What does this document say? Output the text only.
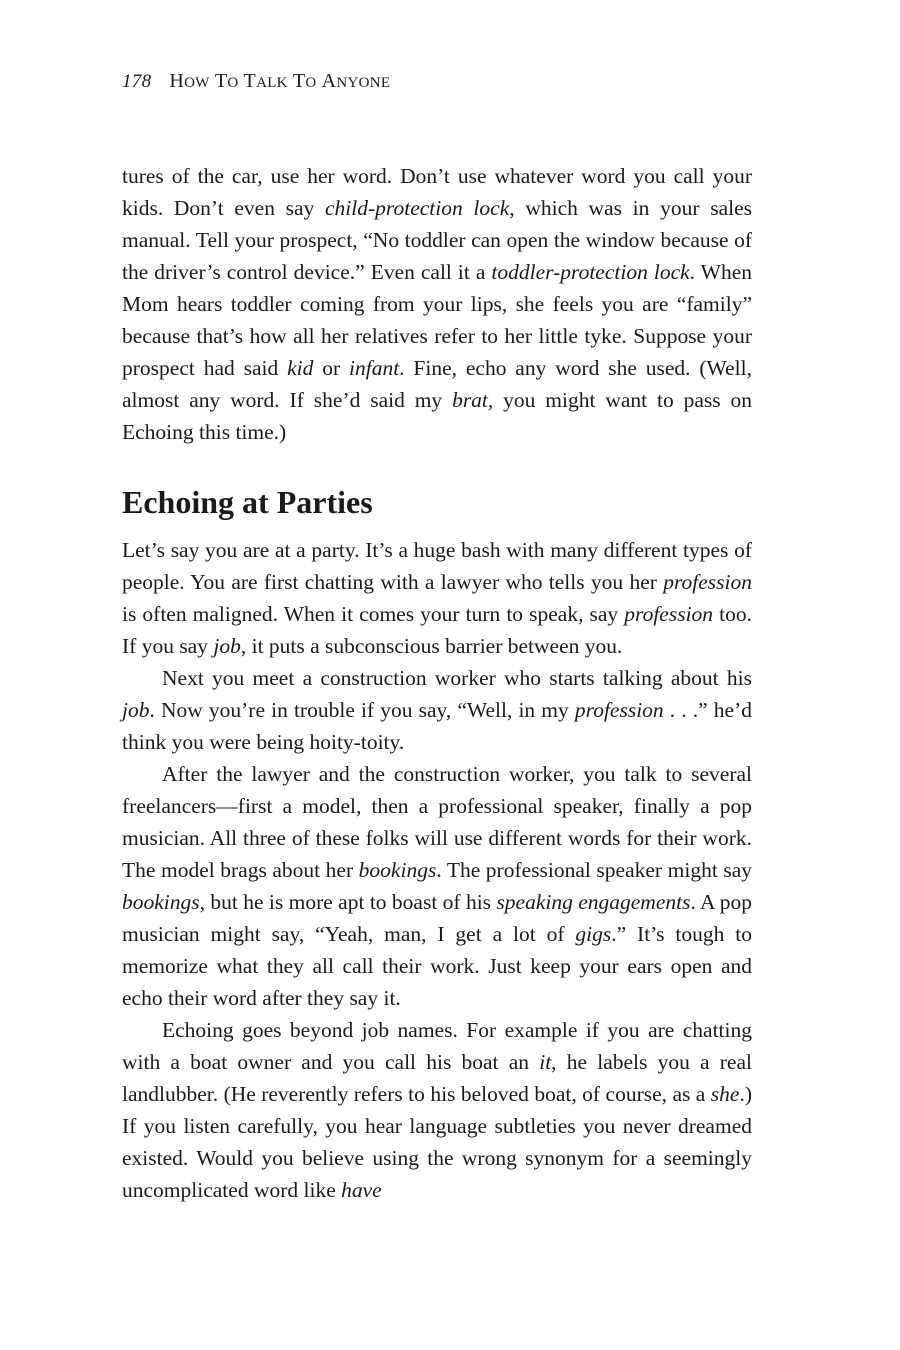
178 HOW TO TALK TO ANYONE

tures of the car, use her word. Don’t use whatever word you call your kids. Don’t even say child-protection lock, which was in your sales manual. Tell your prospect, “No toddler can open the window because of the driver’s control device.” Even call it a toddler-protection lock. When Mom hears toddler coming from your lips, she feels you are “family” because that’s how all her relatives refer to her little tyke. Suppose your prospect had said kid or infant. Fine, echo any word she used. (Well, almost any word. If she’d said my brat, you might want to pass on Echoing this time.)

Echoing at Parties

Let’s say you are at a party. It’s a huge bash with many different types of people. You are first chatting with a lawyer who tells you her profession is often maligned. When it comes your turn to speak, say profession too. If you say job, it puts a subconscious barrier between you.

Next you meet a construction worker who starts talking about his job. Now you’re in trouble if you say, “Well, in my profession . . .” he’d think you were being hoity-toity.

After the lawyer and the construction worker, you talk to several freelancers—first a model, then a professional speaker, finally a pop musician. All three of these folks will use different words for their work. The model brags about her bookings. The professional speaker might say bookings, but he is more apt to boast of his speaking engagements. A pop musician might say, “Yeah, man, I get a lot of gigs.” It’s tough to memorize what they all call their work. Just keep your ears open and echo their word after they say it.

Echoing goes beyond job names. For example if you are chatting with a boat owner and you call his boat an it, he labels you a real landlubber. (He reverently refers to his beloved boat, of course, as a she.) If you listen carefully, you hear language subtleties you never dreamed existed. Would you believe using the wrong synonym for a seemingly uncomplicated word like have
